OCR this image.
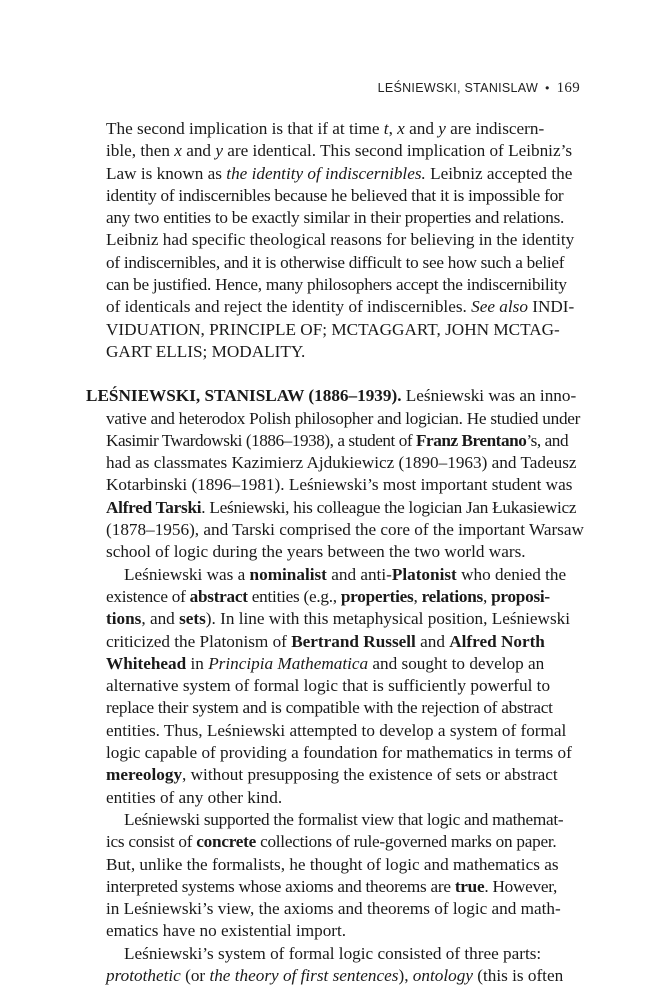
LEŚNIEWSKI, STANISLAW • 169
The second implication is that if at time t, x and y are indiscern-
ible, then x and y are identical. This second implication of Leibniz’s
Law is known as the identity of indiscernibles. Leibniz accepted the
identity of indiscernibles because he believed that it is impossible for
any two entities to be exactly similar in their properties and relations.
Leibniz had specific theological reasons for believing in the identity
of indiscernibles, and it is otherwise difficult to see how such a belief
can be justified. Hence, many philosophers accept the indiscernibility
of identicals and reject the identity of indiscernibles. See also INDI-
VIDUATION, PRINCIPLE OF; MCTAGGART, JOHN MCTAG-
GART ELLIS; MODALITY.
LEŚNIEWSKI, STANISLAW (1886–1939). Leśniewski was an inno-
vative and heterodox Polish philosopher and logician. He studied under
Kasimir Twardowski (1886–1938), a student of Franz Brentano’s, and
had as classmates Kazimierz Ajdukiewicz (1890–1963) and Tadeusz
Kotarbinski (1896–1981). Leśniewski’s most important student was
Alfred Tarski. Leśniewski, his colleague the logician Jan Łukasiewicz
(1878–1956), and Tarski comprised the core of the important Warsaw
school of logic during the years between the two world wars.
Leśniewski was a nominalist and anti-Platonist who denied the
existence of abstract entities (e.g., properties, relations, proposi-
tions, and sets). In line with this metaphysical position, Leśniewski
criticized the Platonism of Bertrand Russell and Alfred North
Whitehead in Principia Mathematica and sought to develop an
alternative system of formal logic that is sufficiently powerful to
replace their system and is compatible with the rejection of abstract
entities. Thus, Leśniewski attempted to develop a system of formal
logic capable of providing a foundation for mathematics in terms of
mereology, without presupposing the existence of sets or abstract
entities of any other kind.
Leśniewski supported the formalist view that logic and mathemat-
ics consist of concrete collections of rule-governed marks on paper.
But, unlike the formalists, he thought of logic and mathematics as
interpreted systems whose axioms and theorems are true. However,
in Leśniewski’s view, the axioms and theorems of logic and math-
ematics have no existential import.
Leśniewski’s system of formal logic consisted of three parts:
protothetic (or the theory of first sentences), ontology (this is often
